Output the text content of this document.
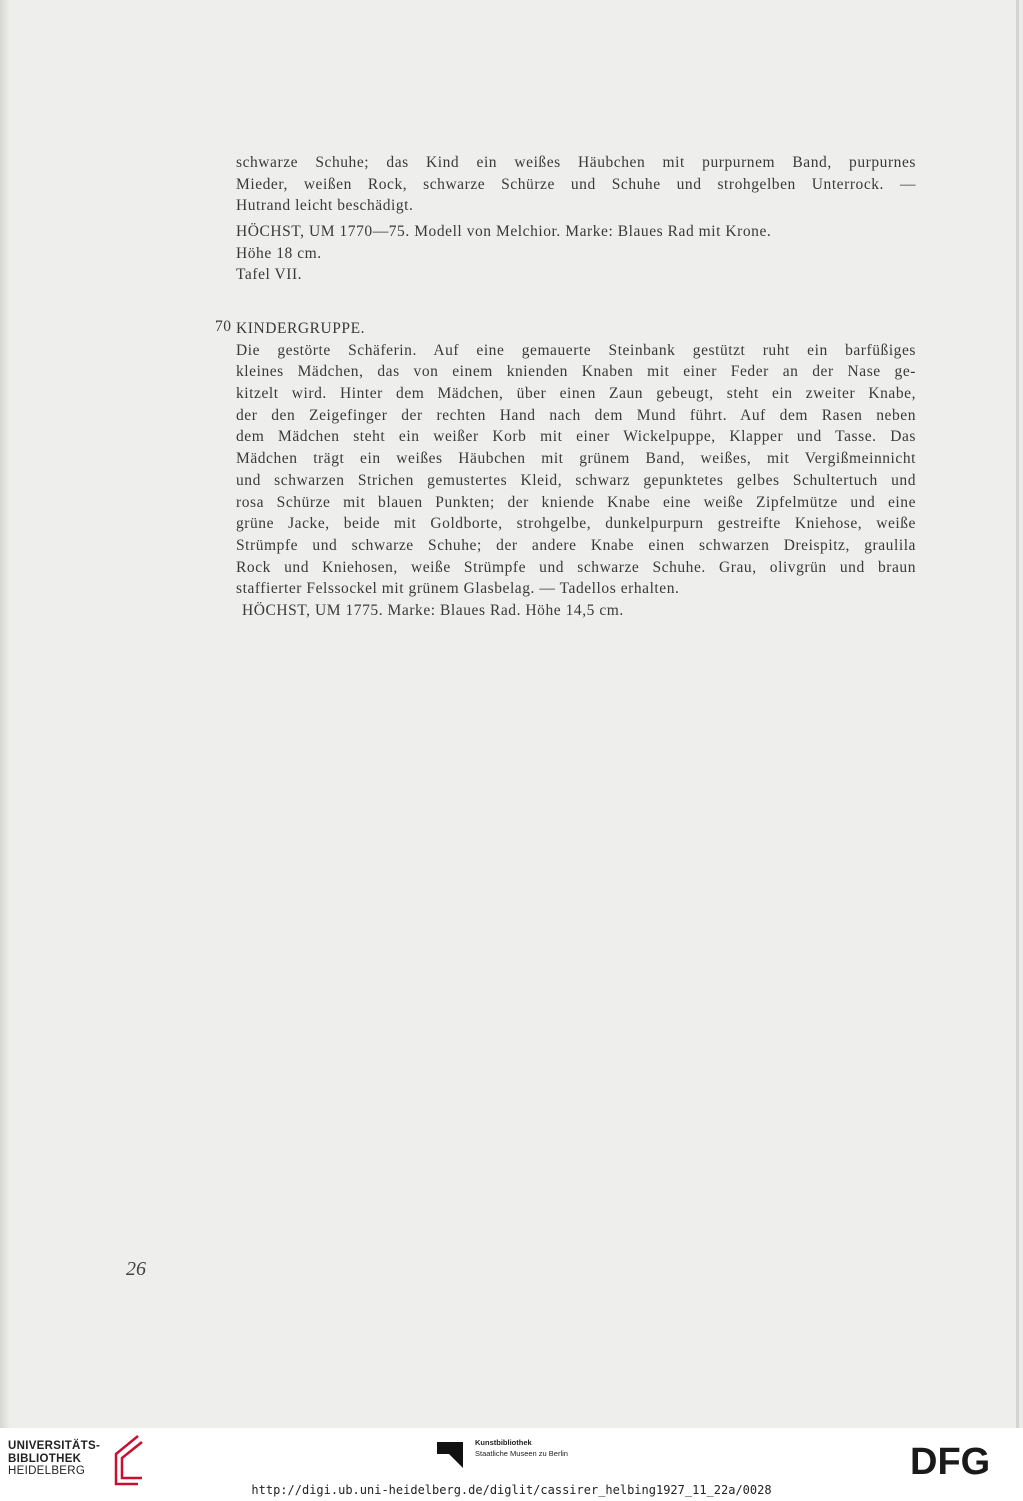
schwarze Schuhe; das Kind ein weißes Häubchen mit purpurnem Band, purpurnes
Mieder, weißen Rock, schwarze Schürze und Schuhe und strohgelben Unterrock. —
Hutrand leicht beschädigt.
HÖCHST, UM 1770—75. Modell von Melchior. Marke: Blaues Rad mit Krone.
Höhe 18 cm.
Tafel VII.
70 KINDERGRUPPE.
Die gestörte Schäferin. Auf eine gemauerte Steinbank gestützt ruht ein barfüßiges
kleines Mädchen, das von einem knienden Knaben mit einer Feder an der Nase ge-
kitzelt wird. Hinter dem Mädchen, über einen Zaun gebeugt, steht ein zweiter Knabe,
der den Zeigefinger der rechten Hand nach dem Mund führt. Auf dem Rasen neben
dem Mädchen steht ein weißer Korb mit einer Wickelpuppe, Klapper und Tasse. Das
Mädchen trägt ein weißes Häubchen mit grünem Band, weißes, mit Vergißmeinnicht
und schwarzen Strichen gemustertes Kleid, schwarz gepunktetes gelbes Schultertuch und
rosa Schürze mit blauen Punkten; der kniende Knabe eine weiße Zipfelmütze und eine
grüne Jacke, beide mit Goldborte, strohgelbe, dunkelpurpurn gestreifte Kniehose, weiße
Strümpfe und schwarze Schuhe; der andere Knabe einen schwarzen Dreispitz, graulila
Rock und Kniehosen, weiße Strümpfe und schwarze Schuhe. Grau, olivgrün und braun
staffierter Felssockel mit grünem Glasbelag. — Tadellos erhalten.
HÖCHST, UM 1775. Marke: Blaues Rad. Höhe 14,5 cm.
26
UNIVERSITÄTS-
BIBLIOTHEK
HEIDELBERG
Kunstbibliothek
Staatliche Museen zu Berlin	DFG
http://digi.ub.uni-heidelberg.de/diglit/cassirer_helbing1927_11_22a/0028
